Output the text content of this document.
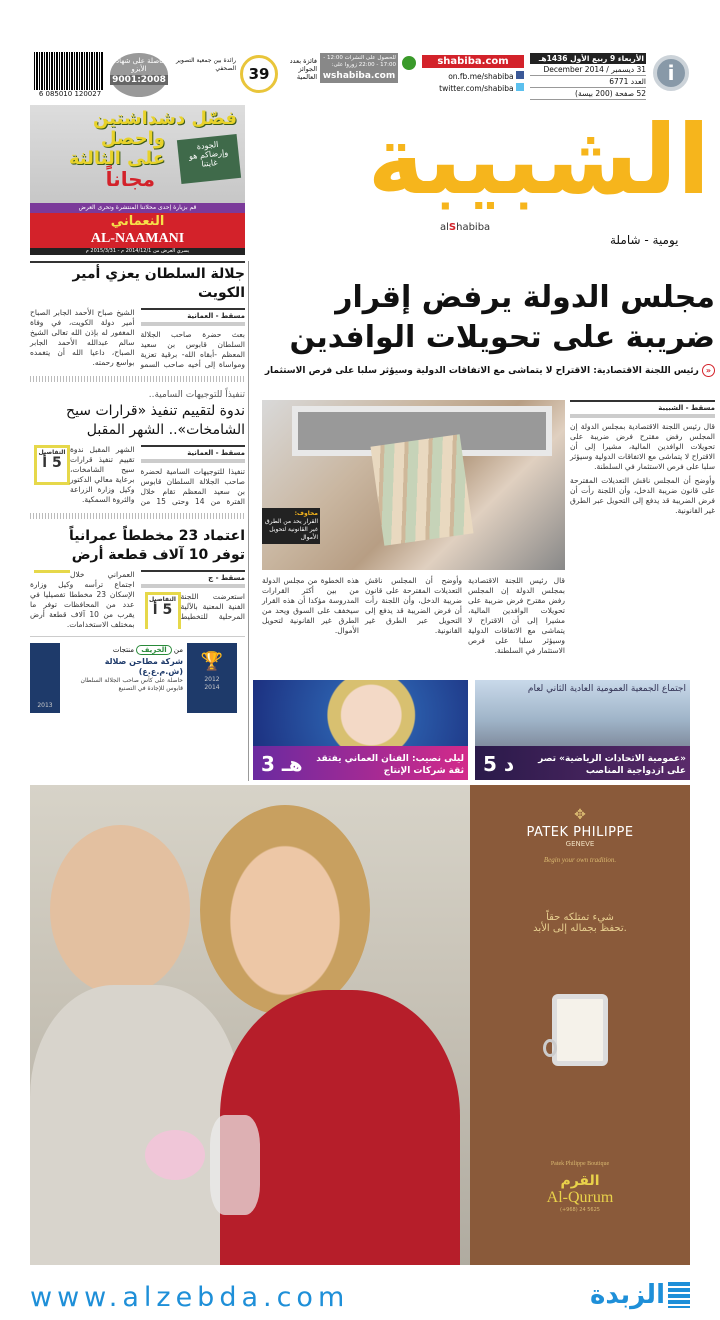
i
الأربعاء 9 ربيع الأول 1436هـ
31 ديسمبر / December 2014
العدد 6771
52 صفحة (200 بيسة)
shabiba.com
on.fb.me/shabiba
twitter.com/shabiba
للحصول على النشرات 12:00 - 17:00 - 22:00 زوروا على:
wshabiba.com
39
فائزة بعدد الجوائز العالمية
رائدة بين جمعية التصوير الصحفي
حاصلة على شهادة الأيزو
9001:2008
6 085010 120027
الشبيبة
alShabiba
يومية - شاملة
فصّل دشداشتين
واحصل
على الثالثة
مجاناً
الجودة وإرضاكم هو غايتنا
قم بزيارة إحدى محلاتنا المنتشرة وتحرى العرض
النعماني
AL-NAAMANI
يسري العرض من 2014/12/1 م - 2015/3/31 م
مجلس الدولة يرفض إقرار
ضريبة على تحويلات الوافدين
« رئيس اللجنة الاقتصادية: الاقتراح لا يتماشى مع الاتفاقات الدولية وسيؤثر سلبا على فرص الاستثمار
مسقط - الشبيبة
قال رئيس اللجنة الاقتصادية بمجلس الدولة إن المجلس رفض مقترح فرض ضريبة على تحويلات الوافدين المالية، مشيرا إلى أن الاقتراح لا يتماشى مع الاتفاقات الدولية وسيؤثر سلبا على فرص الاستثمار في السلطنة.
وأوضح أن المجلس ناقش التعديلات المقترحة على قانون ضريبة الدخل، وأن اللجنة رأت أن فرض الضريبة قد يدفع إلى التحويل عبر الطرق غير القانونية.
مخاوف:
القرار يحد من الطرق غير القانونية لتحويل الأموال
هذه الخطوة من مجلس الدولة من بين أكثر القرارات المدروسة مؤكدا أن هذه القرار سيخفف على السوق ويحد من الطرق غير القانونية لتحويل الأموال.
وأوضح أن المجلس ناقش التعديلات المقترحة على قانون ضريبة الدخل، وأن اللجنة رأت أن فرض الضريبة قد يدفع إلى التحويل عبر الطرق غير القانونية.
قال رئيس اللجنة الاقتصادية بمجلس الدولة إن المجلس رفض مقترح فرض ضريبة على تحويلات الوافدين المالية، مشيرا إلى أن الاقتراح لا يتماشى مع الاتفاقات الدولية وسيؤثر سلبا على فرص الاستثمار في السلطنة.
اجتماع الجمعية العمومية العادية الثاني لعام
«عمومية الاتحادات الرياضية» تصر على ازدواجية المناصب
د 5
ليلى نصيب: الفنان العماني يفتقد ثقة شركات الإنتاج
هـ 3
جلالة السلطان يعزي أمير الكويت
مسقط - العمانية
بعث حضرة صاحب الجلالة السلطان قابوس بن سعيد المعظم -أبقاه الله- برقية تعزية ومواساة إلى أخيه صاحب السمو الشيخ صباح الأحمد الجابر الصباح أمير دولة الكويت، في وفاة المغفور له بإذن الله تعالى الشيخ سالم عبدالله الأحمد الجابر الصباح، داعيا الله أن يتغمده بواسع رحمته.
تنفيذاً للتوجيهات السامية..
ندوة لتقييم تنفيذ «قرارات سيح الشامخات».. الشهر المقبل
مسقط - العمانية
التفاصيل
5 أ
تنفيذا للتوجيهات السامية لحضرة صاحب الجلالة السلطان قابوس بن سعيد المعظم تقام خلال الفترة من 14 وحتى 15 من الشهر المقبل ندوة تقييم تنفيذ قرارات سيح الشامخات، برعاية معالي الدكتور وكيل وزارة الزراعة والثروة السمكية.
اعتماد 23 مخططاً عمرانياً
توفر 10 آلاف قطعة أرض
مسقط - ج
التفاصيل
5 أ
استعرضت اللجنة الفنية المعنية بالآلية المرحلية للتخطيط العمراني خلال اجتماع ترأسه وكيل وزارة الإسكان 23 مخططا تفصيليا في عدد من المحافظات توفر ما يقرب من 10 آلاف قطعة أرض بمختلف الاستخدامات.
2013
من الخريف منتجات
شركة مطاحن صلالة (ش.م.ع.ع)
حاصلة على كأس صاحب الجلالة السلطان قابوس للإجادة في التصنيع
🏆
2012
2014
✥
PATEK PHILIPPE
GENEVE
Begin your own tradition.
شيء تمتلكه حقاً
تحفظ بجماله إلى الأبد.
Patek Philippe Boutique
القرم
Al-Qurum
(+968) 24 5625
www.alzebda.com	الزبدة
